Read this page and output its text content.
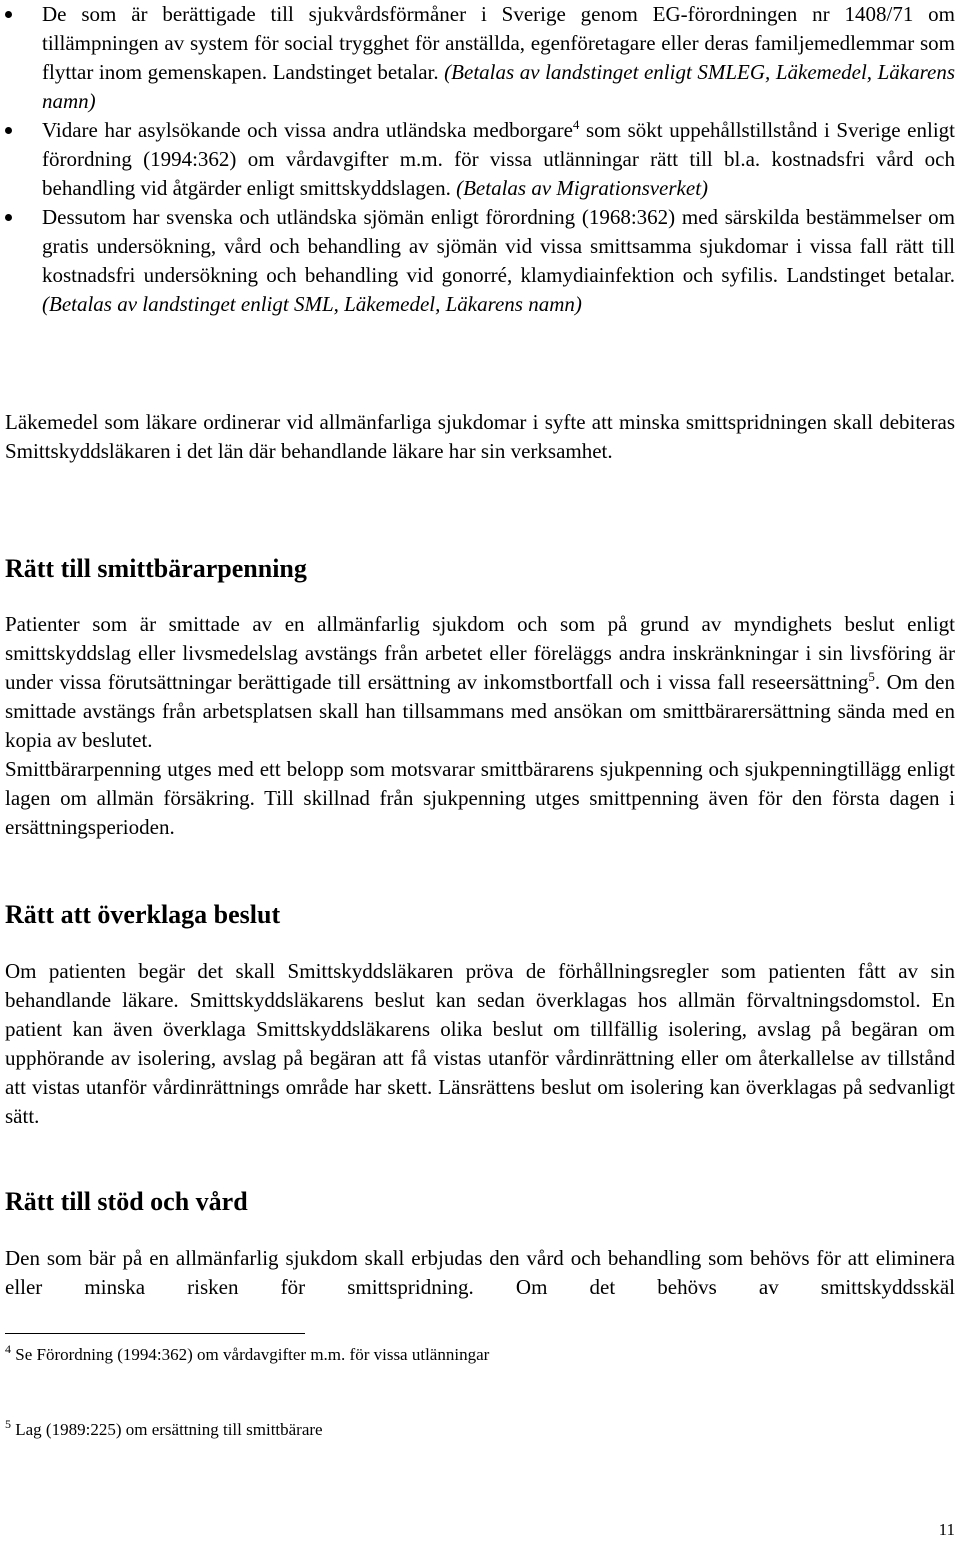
De som är berättigade till sjukvårdsförmåner i Sverige genom EG-förordningen nr 1408/71 om tillämpningen av system för social trygghet för anställda, egenföretagare eller deras familjemedlemmar som flyttar inom gemenskapen. Landstinget betalar. (Betalas av landstinget enligt SMLEG, Läkemedel, Läkarens namn)
Vidare har asylsökande och vissa andra utländska medborgare$^4$ som sökt uppehållstillstånd i Sverige enligt förordning (1994:362) om vårdavgifter m.m. för vissa utlänningar rätt till bl.a. kostnadsfri vård och behandling vid åtgärder enligt smittskyddslagen. (Betalas av Migrationsverket)
Dessutom har svenska och utländska sjömän enligt förordning (1968:362) med särskilda bestämmelser om gratis undersökning, vård och behandling av sjömän vid vissa smittsamma sjukdomar i vissa fall rätt till kostnadsfri undersökning och behandling vid gonorré, klamydiainfektion och syfilis. Landstinget betalar. (Betalas av landstinget enligt SML, Läkemedel, Läkarens namn)

Läkemedel som läkare ordinerar vid allmänfarliga sjukdomar i syfte att minska smittspridningen skall debiteras Smittskyddsläkaren i det län där behandlande läkare har sin verksamhet.

Rätt till smittbärarpenning

Patienter som är smittade av en allmänfarlig sjukdom och som på grund av myndighets beslut enligt smittskyddslag eller livsmedelslag avstängs från arbetet eller föreläggs andra inskränkningar i sin livsföring är under vissa förutsättningar berättigade till ersättning av inkomstbortfall och i vissa fall reseersättning$^5$. Om den smittade avstängs från arbetsplatsen skall han tillsammans med ansökan om smittbärarersättning sända med en kopia av beslutet.

Smittbärarpenning utges med ett belopp som motsvarar smittbärarens sjukpenning och sjukpenningtillägg enligt lagen om allmän försäkring. Till skillnad från sjukpenning utges smittpenning även för den första dagen i ersättningsperioden.

Rätt att överklaga beslut

Om patienten begär det skall Smittskyddsläkaren pröva de förhållningsregler som patienten fått av sin behandlande läkare. Smittskyddsläkarens beslut kan sedan överklagas hos allmän förvaltningsdomstol. En patient kan även överklaga Smittskyddsläkarens olika beslut om tillfällig isolering, avslag på begäran om upphörande av isolering, avslag på begäran att få vistas utanför vårdinrättning eller om återkallelse av tillstånd att vistas utanför vårdinrättnings område har skett. Länsrättens beslut om isolering kan överklagas på sedvanligt sätt.

Rätt till stöd och vård

Den som bär på en allmänfarlig sjukdom skall erbjudas den vård och behandling som behövs för att eliminera eller minska risken för smittspridning. Om det behövs av smittskyddsskäl

$^4$ Se Förordning (1994:362) om vårdavgifter m.m. för vissa utlänningar
$^5$ Lag (1989:225) om ersättning till smittbärare
11
